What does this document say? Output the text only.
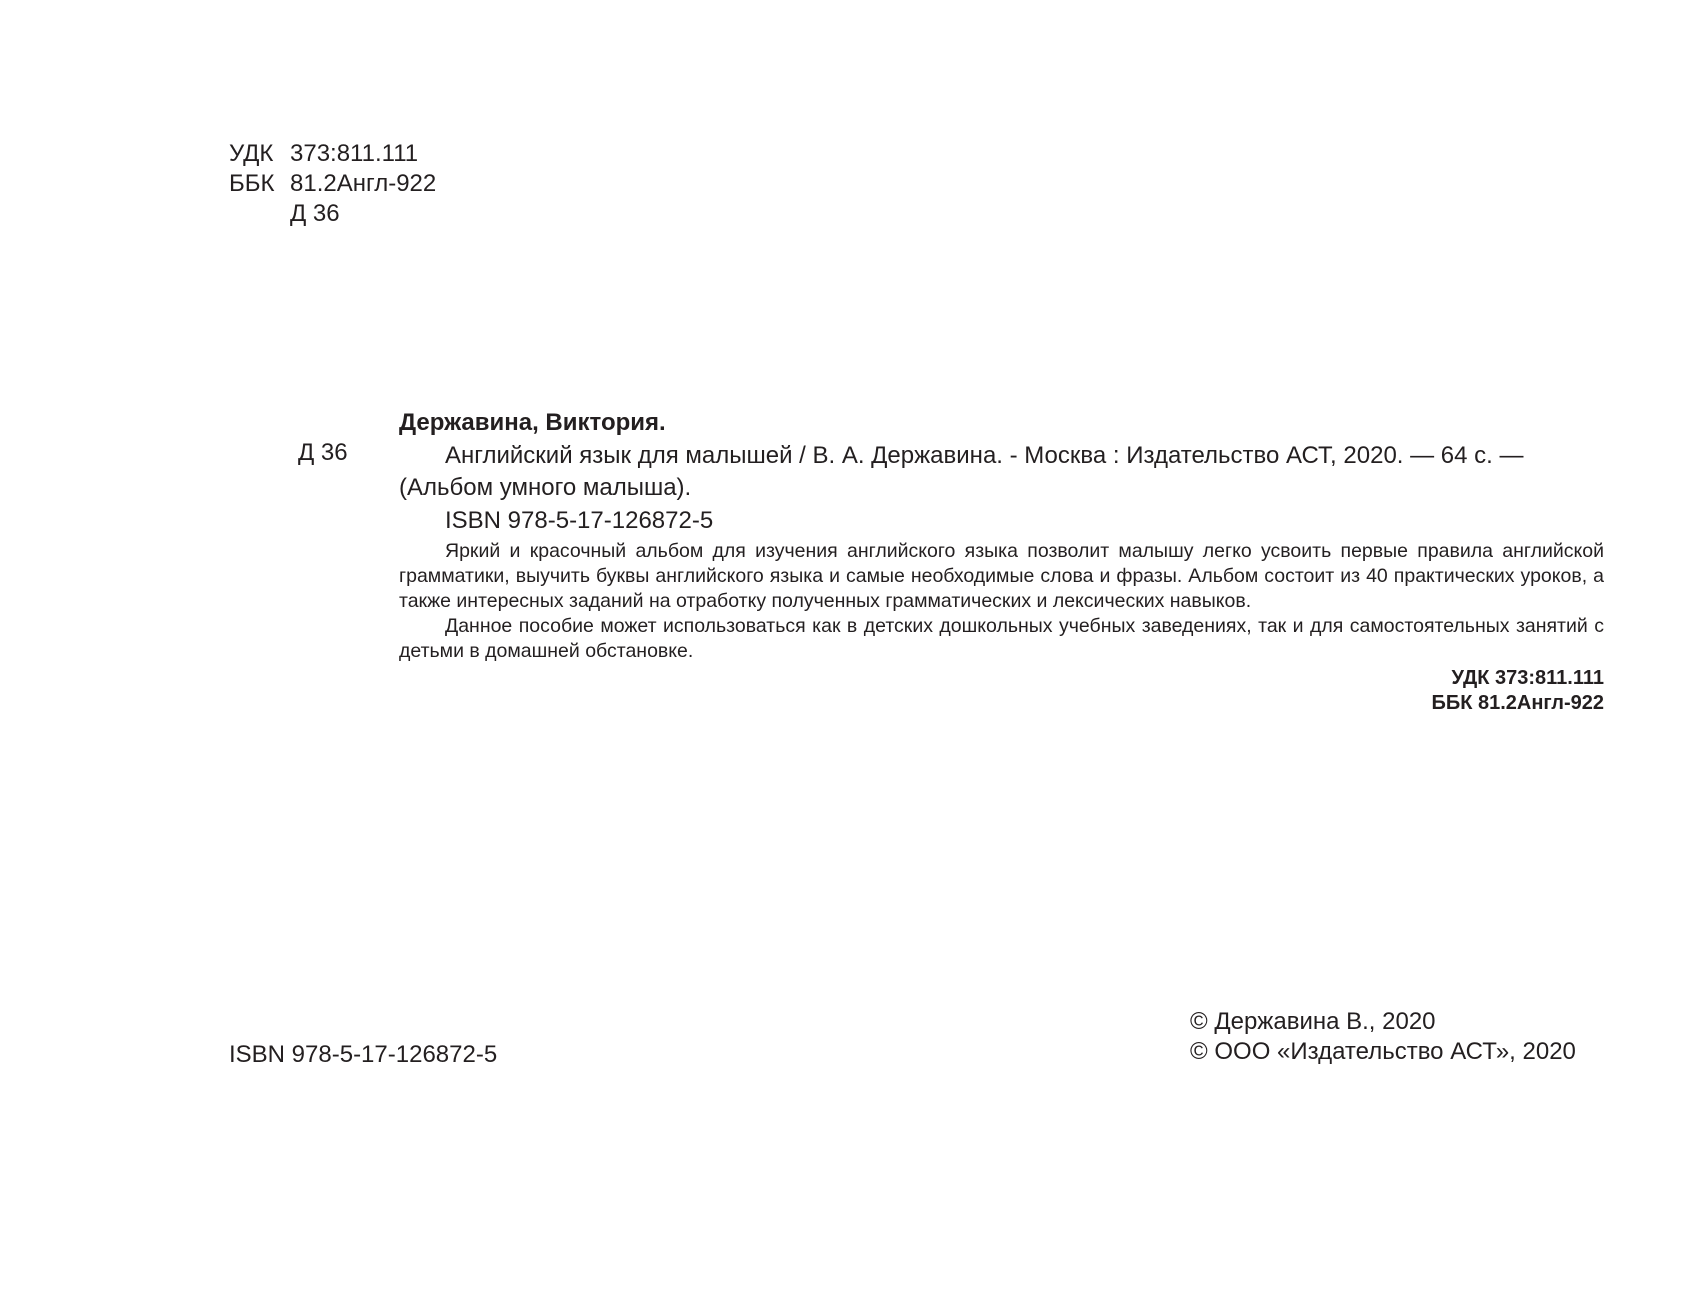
УДК 373:811.111
ББК 81.2Англ-922
Д 36
Державина, Виктория.
Д 36	Английский язык для малышей / В. А. Державина. - Москва : Издательство АСТ, 2020. — 64 с. — (Альбом умного малыша).

ISBN 978-5-17-126872-5

Яркий и красочный альбом для изучения английского языка позволит малышу легко усвоить первые правила английской грамматики, выучить буквы английского языка и самые необходимые слова и фразы. Альбом состоит из 40 практических уроков, а также интересных заданий на отработку полученных грамматических и лексических навыков.

Данное пособие может использоваться как в детских дошкольных учебных заведениях, так и для самостоятельных занятий с детьми в домашней обстановке.

УДК 373:811.111
ББК 81.2Англ-922
ISBN 978-5-17-126872-5
© Державина В., 2020
© ООО «Издательство АСТ», 2020
